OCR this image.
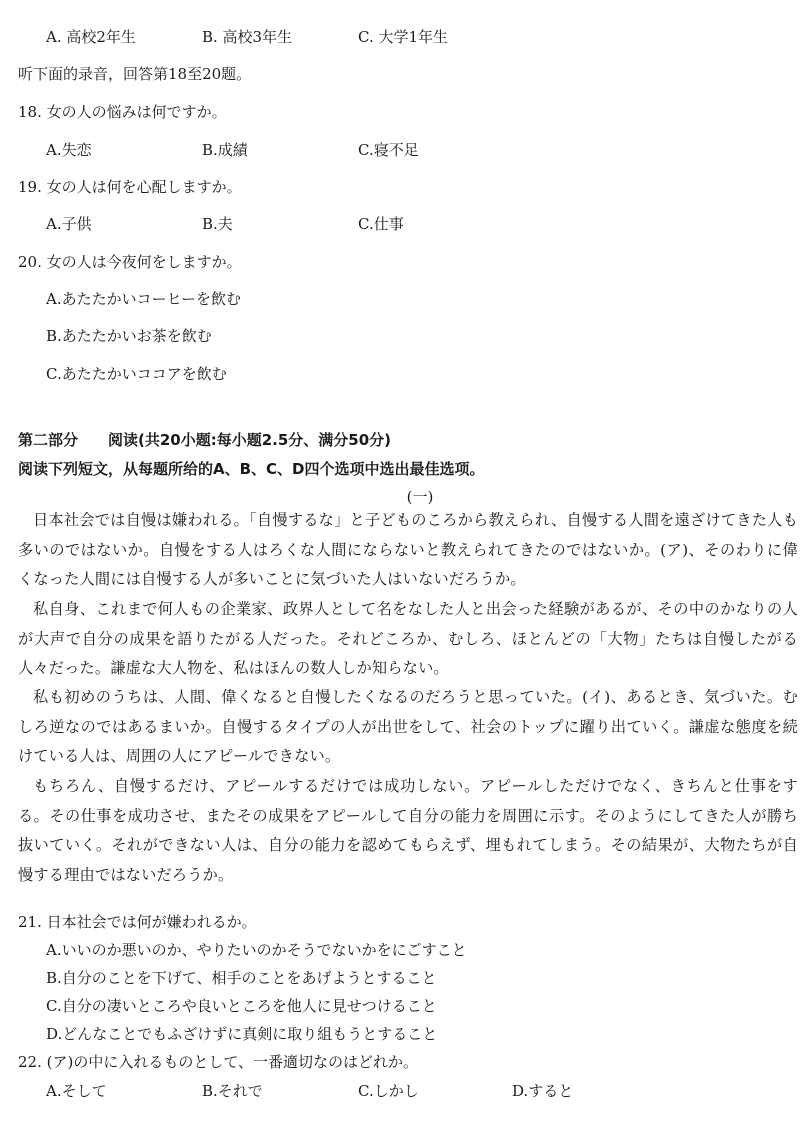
A. 高校2年生	B. 高校3年生	C. 大学1年生
听下面的录音，回答第18至20题。
18. 女の人の悩みは何ですか。
A.失恋	B.成績	C.寝不足
19. 女の人は何を心配しますか。
A.子供	B.夫	C.仕事
20. 女の人は今夜何をしますか。
A.あたたかいコーヒーを飲む
B.あたたかいお茶を飲む
C.あたたかいココアを飲む
第二部分　　阅读(共20小题:每小题2.5分、满分50分)
阅读下列短文，从每题所给的A、B、C、D四个选项中选出最佳选项。
(一)

日本社会では自慢は嫌われる。「自慢するな」と子どものころから教えられ、自慢する人間を遠ざけてきた人も多いのではないか。自慢をする人はろくな人間にならないと教えられてきたのではないか。(ア)、そのわりに偉くなった人間には自慢する人が多いことに気づいた人はいないだろうか。

私自身、これまで何人もの企業家、政界人として名をなした人と出会った経験があるが、その中のかなりの人が大声で自分の成果を語りたがる人だった。それどころか、むしろ、ほとんどの「大物」たちは自慢したがる人々だった。謙虚な大人物を、私はほんの数人しか知らない。

私も初めのうちは、人間、偉くなると自慢したくなるのだろうと思っていた。(イ)、あるとき、気づいた。むしろ逆なのではあるまいか。自慢するタイプの人が出世をして、社会のトップに躍り出ていく。謙虚な態度を続けている人は、周囲の人にアピールできない。

もちろん、自慢するだけ、アピールするだけでは成功しない。アピールしただけでなく、きちんと仕事をする。その仕事を成功させ、またその成果をアピールして自分の能力を周囲に示す。そのようにしてきた人が勝ち抜いていく。それができない人は、自分の能力を認めてもらえず、埋もれてしまう。その結果が、大物たちが自慢する理由ではないだろうか。

21. 日本社会では何が嫌われるか。
A.いいのか悪いのか、やりたいのかそうでないかをにごすこと
B.自分のことを下げて、相手のことをあげようとすること
C.自分の凄いところや良いところを他人に見せつけること
D.どんなことでもふざけずに真剣に取り組もうとすること
22. (ア)の中に入れるものとして、一番適切なのはどれか。
A.そして	B.それで	C.しかし	D.すると
